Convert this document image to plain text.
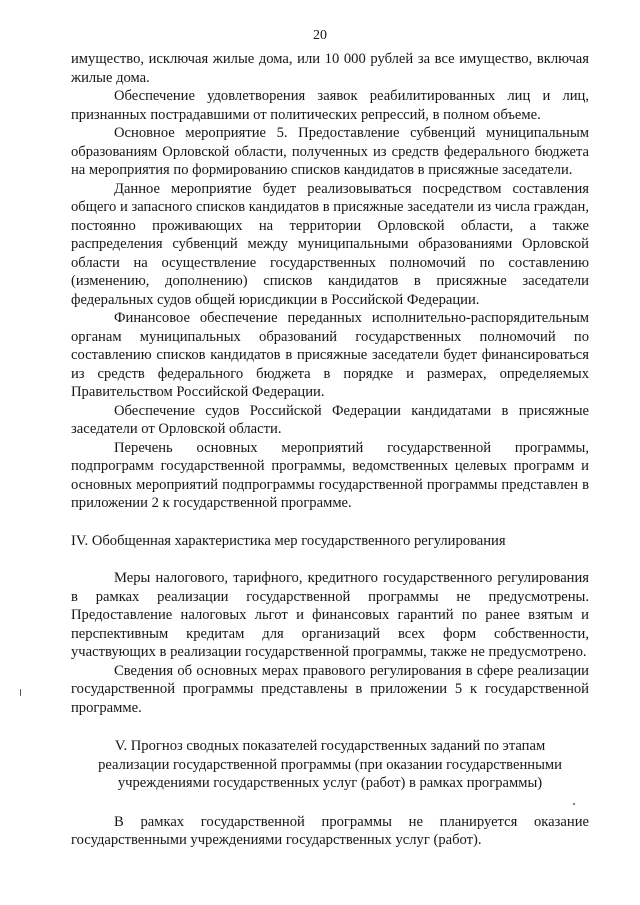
20

имущество, исключая жилые дома, или 10 000 рублей за все имущество, включая жилые дома.

Обеспечение удовлетворения заявок реабилитированных лиц и лиц, признанных пострадавшими от политических репрессий, в полном объеме.

Основное мероприятие 5. Предоставление субвенций муниципальным образованиям Орловской области, полученных из средств федерального бюджета на мероприятия по формированию списков кандидатов в присяжные заседатели.

Данное мероприятие будет реализовываться посредством составления общего и запасного списков кандидатов в присяжные заседатели из числа граждан, постоянно проживающих на территории Орловской области, а также распределения субвенций между муниципальными образованиями Орловской области на осуществление государственных полномочий по составлению (изменению, дополнению) списков кандидатов в присяжные заседатели федеральных судов общей юрисдикции в Российской Федерации.

Финансовое обеспечение переданных исполнительно-распорядительным органам муниципальных образований государственных полномочий по составлению списков кандидатов в присяжные заседатели будет финансироваться из средств федерального бюджета в порядке и размерах, определяемых Правительством Российской Федерации.

Обеспечение судов Российской Федерации кандидатами в присяжные заседатели от Орловской области.

Перечень основных мероприятий государственной программы, подпрограмм государственной программы, ведомственных целевых программ и основных мероприятий подпрограммы государственной программы представлен в приложении 2 к государственной программе.

IV. Обобщенная характеристика мер государственного регулирования

Меры налогового, тарифного, кредитного государственного регулирования в рамках реализации государственной программы не предусмотрены. Предоставление налоговых льгот и финансовых гарантий по ранее взятым и перспективным кредитам для организаций всех форм собственности, участвующих в реализации государственной программы, также не предусмотрено.

Сведения об основных мерах правового регулирования в сфере реализации государственной программы представлены в приложении 5 к государственной программе.

V. Прогноз сводных показателей государственных заданий по этапам
реализации государственной программы (при оказании государственными
учреждениями государственных услуг (работ) в рамках программы)

В рамках государственной программы не планируется оказание государственными учреждениями государственных услуг (работ).
